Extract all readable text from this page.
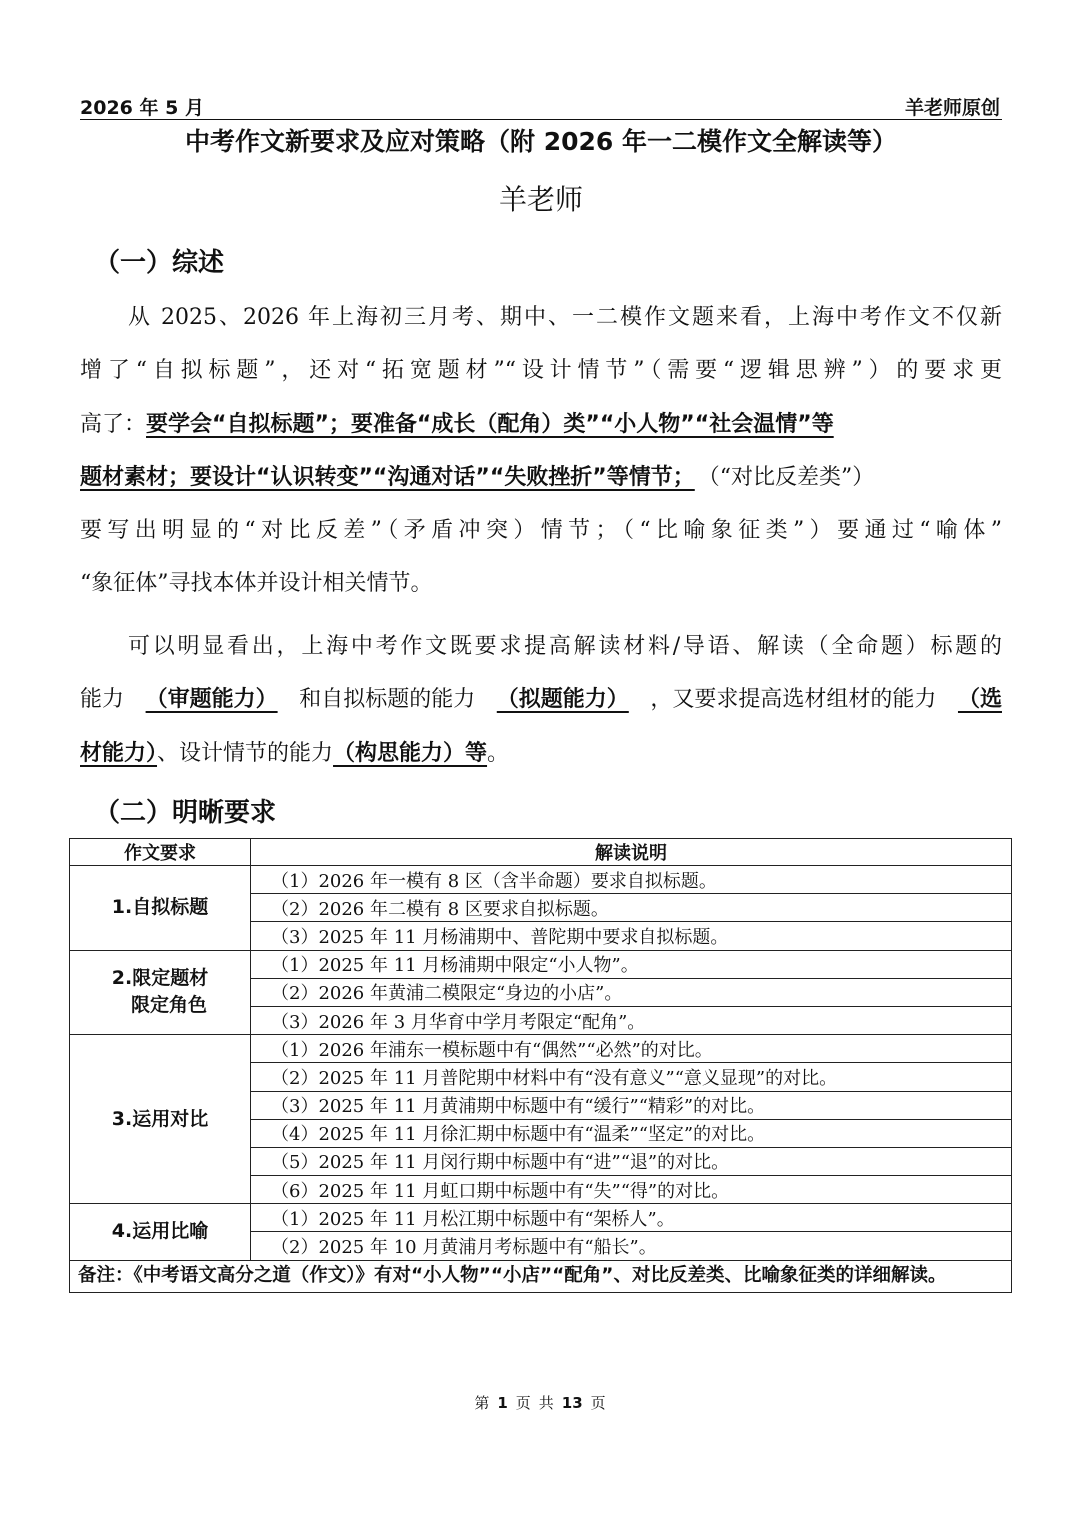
2026 年 5 月	羊老师原创
中考作文新要求及应对策略（附 2026 年一二模作文全解读等）
羊老师
（一）综述
从 2025、2026 年上海初三月考、期中、一二模作文题来看，上海中考作文不仅新
增了“自拟标题”，还对“拓宽题材”“设计情节”（需要“逻辑思辨”）的要求更
高了：要学会“自拟标题”；要准备“成长（配角）类”“小人物”“社会温情”等
题材素材；要设计“认识转变”“沟通对话”“失败挫折”等情节； （“对比反差类”）
要写出明显的“对比反差”（矛盾冲突）情节；（“比喻象征类”）要通过“喻体”
“象征体”寻找本体并设计相关情节。
可以明显看出，上海中考作文既要求提高解读材料/导语、解读（全命题）标题的
能力 （审题能力） 和自拟标题的能力 （拟题能力） ，又要求提高选材组材的能力 （选
材能力）、设计情节的能力（构思能力）等。
（二）明晰要求
作文要求	解读说明
1.自拟标题	（1）2026 年一模有 8 区（含半命题）要求自拟标题。
	（2）2026 年二模有 8 区要求自拟标题。
	（3）2025 年 11 月杨浦期中、普陀期中要求自拟标题。

2.限定题材
限定角色	（1）2025 年 11 月杨浦期中限定“小人物”。
	（2）2026 年黄浦二模限定“身边的小店”。
	（3）2026 年 3 月华育中学月考限定“配角”。
3.运用对比	（1）2026 年浦东一模标题中有“偶然”“必然”的对比。
	（2）2025 年 11 月普陀期中材料中有“没有意义”“意义显现”的对比。
	（3）2025 年 11 月黄浦期中标题中有“缓行”“精彩”的对比。
	（4）2025 年 11 月徐汇期中标题中有“温柔”“坚定”的对比。
	（5）2025 年 11 月闵行期中标题中有“进”“退”的对比。
	（6）2025 年 11 月虹口期中标题中有“失”“得”的对比。
4.运用比喻	（1）2025 年 11 月松江期中标题中有“架桥人”。
	（2）2025 年 10 月黄浦月考标题中有“船长”。
备注：《中考语文高分之道（作文）》有对“小人物”“小店”“配角”、对比反差类、比喻象征类的详细解读。	
第 1 页 共 13 页
